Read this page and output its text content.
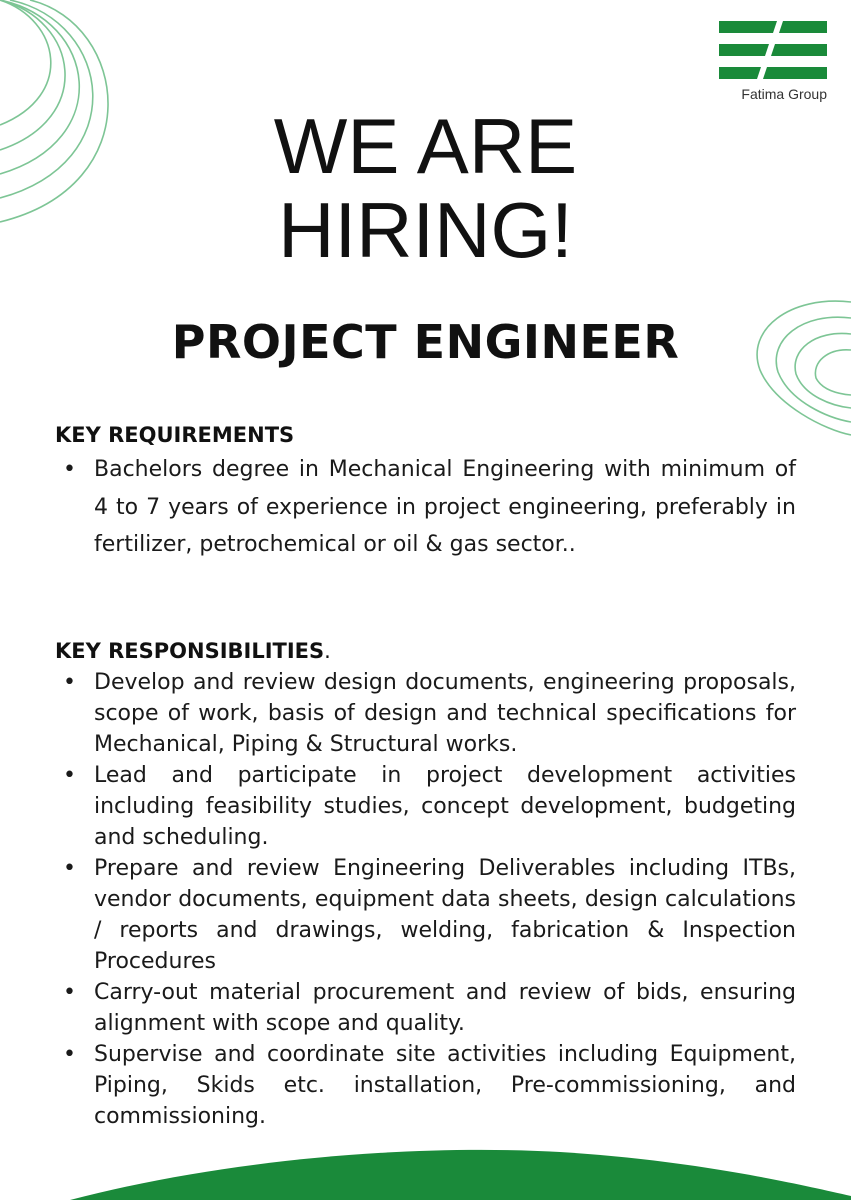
Fatima Group
WE ARE
HIRING!
PROJECT ENGINEER
KEY REQUIREMENTS
• Bachelors degree in Mechanical Engineering with minimum of 4 to 7 years of experience in project engineering, preferably in fertilizer, petrochemical or oil & gas sector..
KEY RESPONSIBILITIES.
• Develop and review design documents, engineering proposals, scope of work, basis of design and technical specifications for Mechanical, Piping & Structural works.
• Lead and participate in project development activities including feasibility studies, concept development, budgeting and scheduling.
• Prepare and review Engineering Deliverables including ITBs, vendor documents, equipment data sheets, design calculations / reports and drawings, welding, fabrication & Inspection Procedures
• Carry-out material procurement and review of bids, ensuring alignment with scope and quality.
• Supervise and coordinate site activities including Equipment, Piping, Skids etc. installation, Pre-commissioning, and commissioning.
